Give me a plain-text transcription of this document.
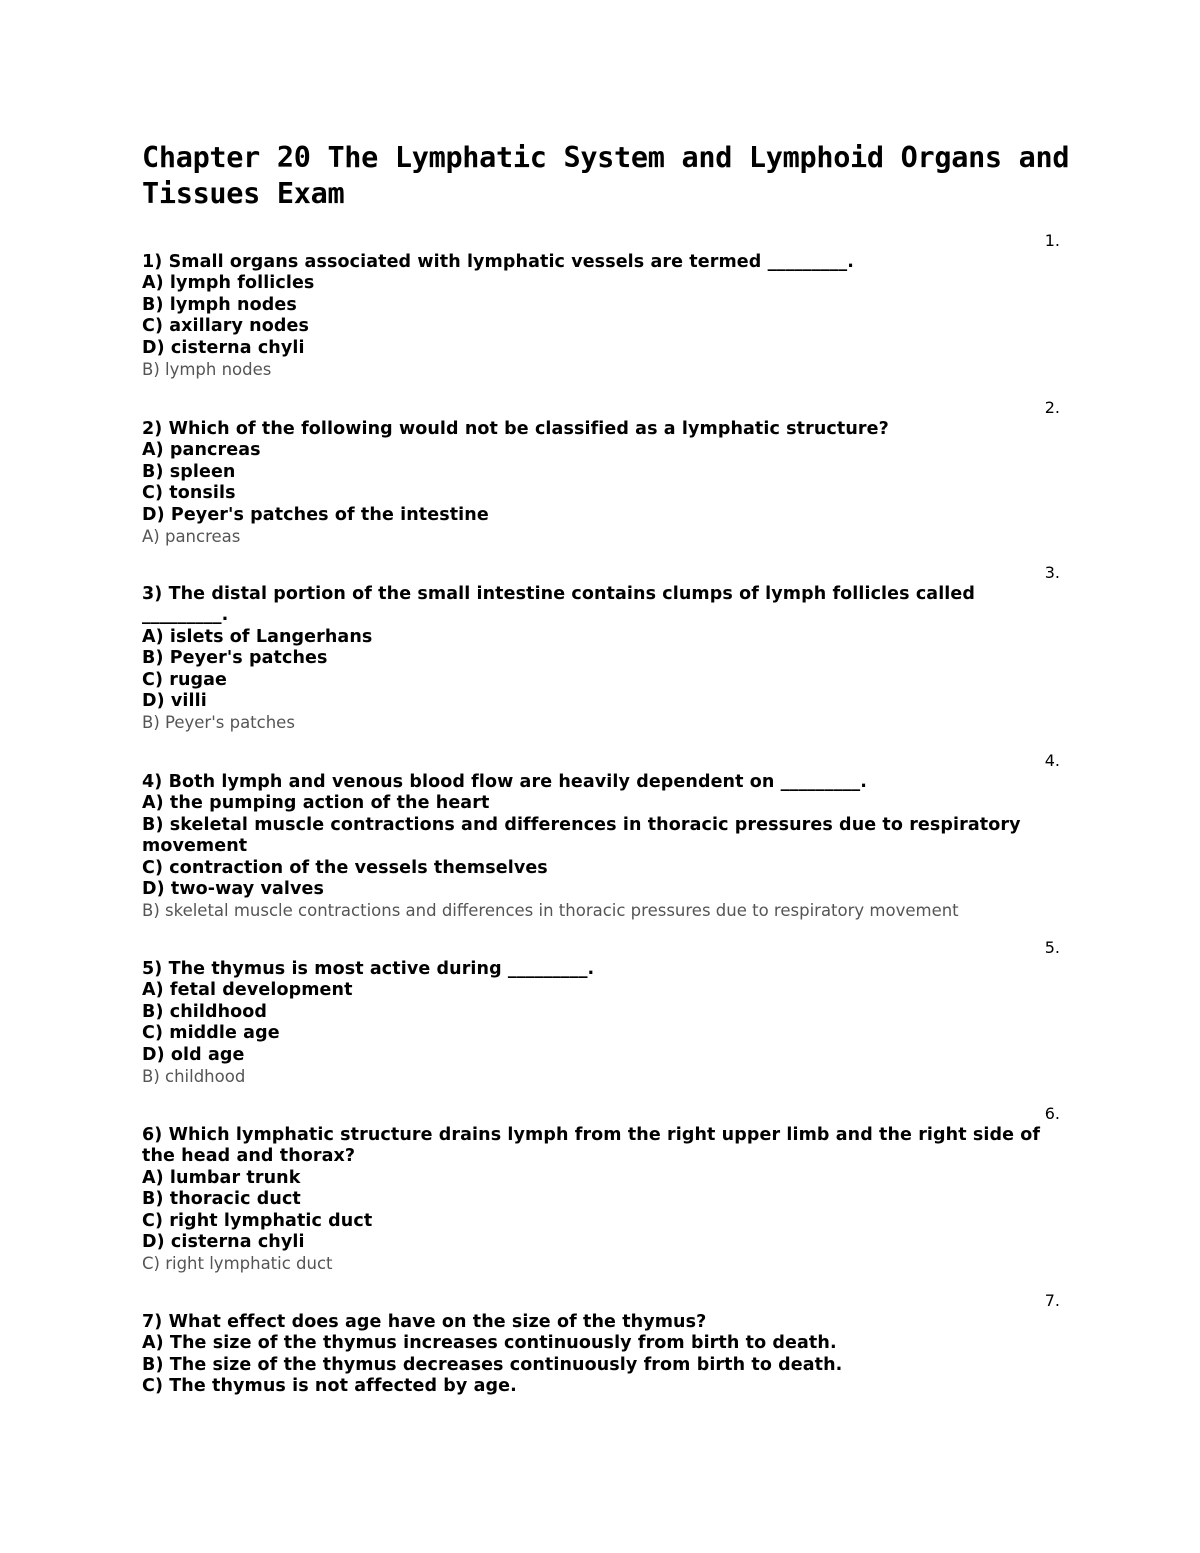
Chapter 20 The Lymphatic System and Lymphoid Organs and Tissues Exam
1.
1) Small organs associated with lymphatic vessels are termed _________.
A) lymph follicles
B) lymph nodes
C) axillary nodes
D) cisterna chyli
B) lymph nodes
2.
2) Which of the following would not be classified as a lymphatic structure?
A) pancreas
B) spleen
C) tonsils
D) Peyer's patches of the intestine
A) pancreas
3.
3) The distal portion of the small intestine contains clumps of lymph follicles called _________.
A) islets of Langerhans
B) Peyer's patches
C) rugae
D) villi
B) Peyer's patches
4.
4) Both lymph and venous blood flow are heavily dependent on _________.
A) the pumping action of the heart
B) skeletal muscle contractions and differences in thoracic pressures due to respiratory movement
C) contraction of the vessels themselves
D) two-way valves
B) skeletal muscle contractions and differences in thoracic pressures due to respiratory movement
5.
5) The thymus is most active during _________.
A) fetal development
B) childhood
C) middle age
D) old age
B) childhood
6.
6) Which lymphatic structure drains lymph from the right upper limb and the right side of the head and thorax?
A) lumbar trunk
B) thoracic duct
C) right lymphatic duct
D) cisterna chyli
C) right lymphatic duct
7.
7) What effect does age have on the size of the thymus?
A) The size of the thymus increases continuously from birth to death.
B) The size of the thymus decreases continuously from birth to death.
C) The thymus is not affected by age.
